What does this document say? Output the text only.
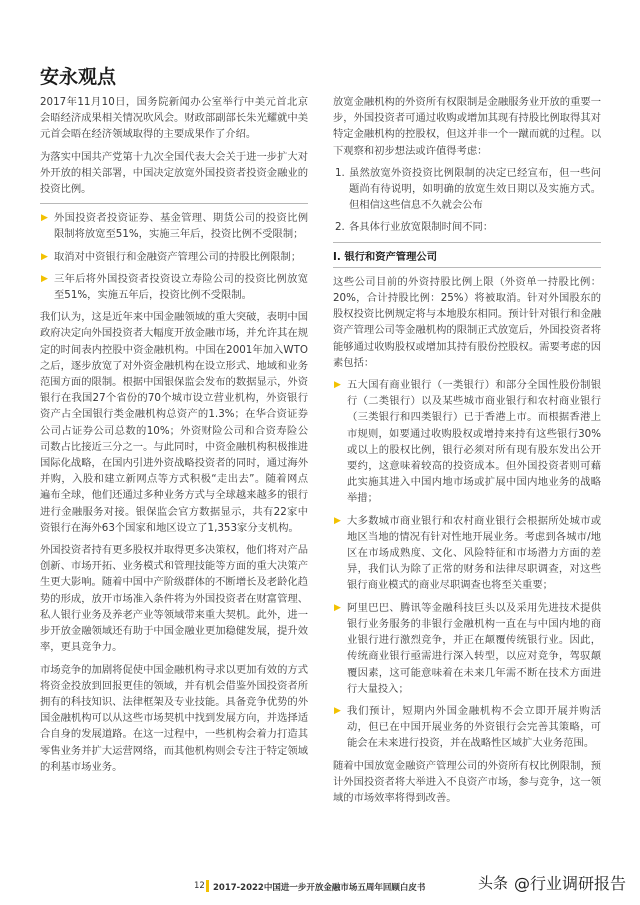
安永观点

2017年11月10日，国务院新闻办公室举行中美元首北京会晤经济成果相关情况吹风会。财政部副部长朱光耀就中美元首会晤在经济领域取得的主要成果作了介绍。

为落实中国共产党第十九次全国代表大会关于进一步扩大对外开放的相关部署，中国决定放宽外国投资者投资金融业的投资比例。

▶ 外国投资者投资证券、基金管理、期货公司的投资比例限制将放宽至51%，实施三年后，投资比例不受限制；
▶ 取消对中资银行和金融资产管理公司的持股比例限制；
▶ 三年后将外国投资者投资设立寿险公司的投资比例放宽至51%，实施五年后，投资比例不受限制。

我们认为，这是近年来中国金融领域的重大突破，表明中国政府决定向外国投资者大幅度开放金融市场，并允许其在规定的时间表内控股中资金融机构。中国在2001年加入WTO之后，逐步放宽了对外资金融机构在设立形式、地域和业务范围方面的限制。根据中国银保监会发布的数据显示，外资银行在我国27个省份的70个城市设立营业机构，外资银行资产占全国银行类金融机构总资产的1.3%；在华合资证券公司占证券公司总数的10%；外资财险公司和合资寿险公司数占比接近三分之一。与此同时，中资金融机构积极推进国际化战略，在国内引进外资战略投资者的同时，通过海外并购，入股和建立新网点等方式积极“走出去”。随着网点遍布全球，他们还通过多种业务方式与全球越来越多的银行进行金融服务对接。银保监会官方数据显示，共有22家中资银行在海外63个国家和地区设立了1,353家分支机构。

外国投资者持有更多股权并取得更多决策权，他们将对产品创新、市场开拓、业务模式和管理技能等方面的重大决策产生更大影响。随着中国中产阶级群体的不断增长及老龄化趋势的形成，放开市场准入条件将为外国投资者在财富管理、私人银行业务及养老产业等领域带来重大契机。此外，进一步开放金融领域还有助于中国金融业更加稳健发展，提升效率，更具竞争力。

市场竞争的加剧将促使中国金融机构寻求以更加有效的方式将资金投放到回报更佳的领域，并有机会借鉴外国投资者所拥有的科技知识、法律框架及专业技能。具备竞争优势的外国金融机构可以从这些市场契机中找到发展方向，并选择适合自身的发展道路。在这一过程中，一些机构会着力打造其零售业务并扩大运营网络，而其他机构则会专注于特定领域的利基市场业务。

放宽金融机构的外资所有权限制是金融服务业开放的重要一步，外国投资者可通过收购或增加其现有持股比例取得其对特定金融机构的控股权，但这并非一个一蹴而就的过程。以下观察和初步想法或许值得考虑：

1. 虽然放宽外资投资比例限制的决定已经宣布，但一些问题尚有待说明，如明确的放宽生效日期以及实施方式。但相信这些信息不久就会公布
2. 各具体行业放宽限制时间不同：
I. 银行和资产管理公司

这些公司目前的外资持股比例上限（外资单一持股比例：20%，合计持股比例：25%）将被取消。针对外国股东的股权投资比例规定将与本地股东相同。预计针对银行和金融资产管理公司等金融机构的限制正式放宽后，外国投资者将能够通过收购股权或增加其持有股份控股权。需要考虑的因素包括：

▶ 五大国有商业银行（一类银行）和部分全国性股份制银行（二类银行）以及某些城市商业银行和农村商业银行（三类银行和四类银行）已于香港上市。而根据香港上市规则，如要通过收购股权或增持来持有这些银行30%或以上的股权比例，银行必须对所有现有股东发出公开要约，这意味着较高的投资成本。但外国投资者则可藉此实施其进入中国内地市场或扩展中国内地业务的战略举措；
▶ 大多数城市商业银行和农村商业银行会根据所处城市或地区当地的情况有针对性地开展业务。考虑到各城市/地区在市场成熟度、文化、风险特征和市场潜力方面的差异，我们认为除了正常的财务和法律尽职调查，对这些银行商业模式的商业尽职调查也将至关重要；
▶ 阿里巴巴、腾讯等金融科技巨头以及采用先进技术提供银行业务服务的非银行金融机构一直在与中国内地的商业银行进行激烈竞争，并正在颠覆传统银行业。因此，传统商业银行亟需进行深入转型，以应对竞争，驾驭颠覆因素，这可能意味着在未来几年需不断在技术方面进行大量投入；
▶ 我们预计，短期内外国金融机构不会立即开展并购活动，但已在中国开展业务的外资银行会完善其策略，可能会在未来进行投资，并在战略性区域扩大业务范围。

随着中国放宽金融资产管理公司的外资所有权比例限制，预计外国投资者将大举进入不良资产市场，参与竞争，这一领域的市场效率将得到改善。

12 2017-2022中国进一步开放金融市场五周年回顾白皮书	头条 @行业调研报告
